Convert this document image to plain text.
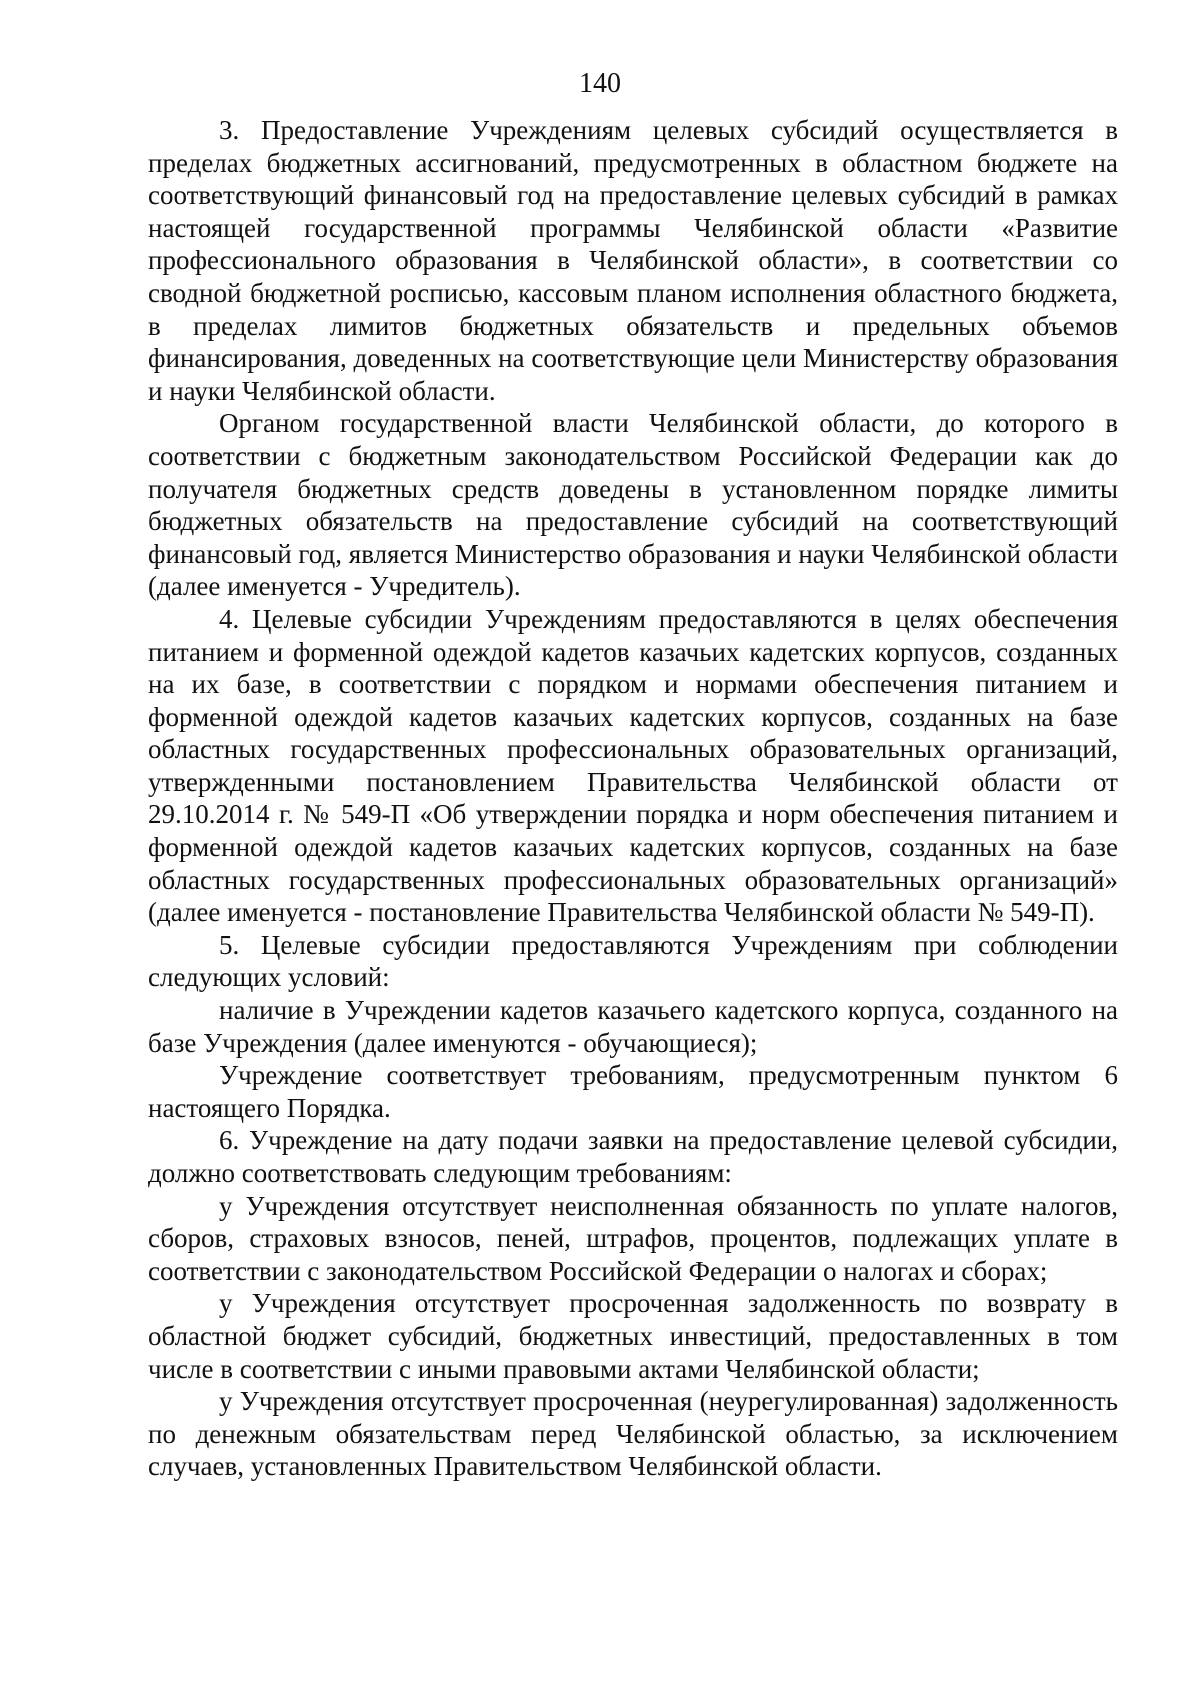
140

3. Предоставление Учреждениям целевых субсидий осуществляется в пределах бюджетных ассигнований, предусмотренных в областном бюджете на соответствующий финансовый год на предоставление целевых субсидий в рамках настоящей государственной программы Челябинской области «Развитие профессионального образования в Челябинской области», в соответствии со сводной бюджетной росписью, кассовым планом исполнения областного бюджета, в пределах лимитов бюджетных обязательств и предельных объемов финансирования, доведенных на соответствующие цели Министерству образования и науки Челябинской области.

Органом государственной власти Челябинской области, до которого в соответствии с бюджетным законодательством Российской Федерации как до получателя бюджетных средств доведены в установленном порядке лимиты бюджетных обязательств на предоставление субсидий на соответствующий финансовый год, является Министерство образования и науки Челябинской области (далее именуется - Учредитель).

4. Целевые субсидии Учреждениям предоставляются в целях обеспечения питанием и форменной одеждой кадетов казачьих кадетских корпусов, созданных на их базе, в соответствии с порядком и нормами обеспечения питанием и форменной одеждой кадетов казачьих кадетских корпусов, созданных на базе областных государственных профессиональных образовательных организаций, утвержденными постановлением Правительства Челябинской области от 29.10.2014 г. № 549-П «Об утверждении порядка и норм обеспечения питанием и форменной одеждой кадетов казачьих кадетских корпусов, созданных на базе областных государственных профессиональных образовательных организаций» (далее именуется - постановление Правительства Челябинской области № 549-П).

5. Целевые субсидии предоставляются Учреждениям при соблюдении следующих условий:

наличие в Учреждении кадетов казачьего кадетского корпуса, созданного на базе Учреждения (далее именуются - обучающиеся);

Учреждение соответствует требованиям, предусмотренным пунктом 6 настоящего Порядка.

6. Учреждение на дату подачи заявки на предоставление целевой субсидии, должно соответствовать следующим требованиям:

у Учреждения отсутствует неисполненная обязанность по уплате налогов, сборов, страховых взносов, пеней, штрафов, процентов, подлежащих уплате в соответствии с законодательством Российской Федерации о налогах и сборах;

у Учреждения отсутствует просроченная задолженность по возврату в областной бюджет субсидий, бюджетных инвестиций, предоставленных в том числе в соответствии с иными правовыми актами Челябинской области;

у Учреждения отсутствует просроченная (неурегулированная) задолженность по денежным обязательствам перед Челябинской областью, за исключением случаев, установленных Правительством Челябинской области.
